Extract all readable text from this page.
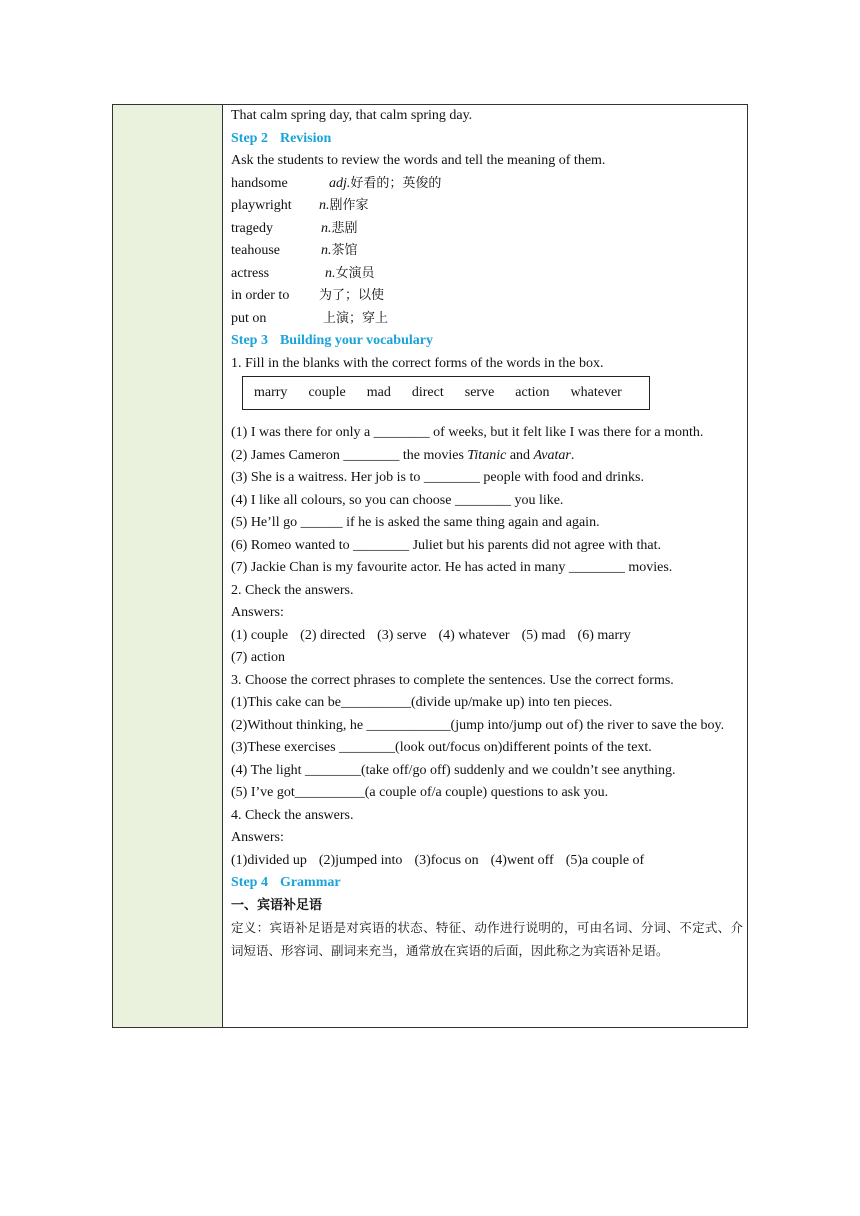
That calm spring day, that calm spring day.
Step 2 Revision
Ask the students to review the words and tell the meaning of them.
handsome	adj.好看的；英俊的
playwright n.剧作家
tragedy	n.悲剧
teahouse	n.茶馆
actress	n.女演员
in order to 为了；以使
put on	上演；穿上
Step 3 Building your vocabulary
1. Fill in the blanks with the correct forms of the words in the box.
marry couple mad direct serve action whatever
(1) I was there for only a ________ of weeks, but it felt like I was there for a month.
(2) James Cameron ________ the movies Titanic and Avatar.
(3) She is a waitress. Her job is to ________ people with food and drinks.
(4) I like all colours, so you can choose ________ you like.
(5) He’ll go ______ if he is asked the same thing again and again.
(6) Romeo wanted to ________ Juliet but his parents did not agree with that.
(7) Jackie Chan is my favourite actor. He has acted in many ________ movies.
2. Check the answers.
Answers:
(1) couple (2) directed (3) serve (4) whatever (5) mad (6) marry
(7) action
3. Choose the correct phrases to complete the sentences. Use the correct forms.
(1)This cake can be__________(divide up/make up) into ten pieces.
(2)Without thinking, he ____________(jump into/jump out of) the river to save the boy.
(3)These exercises ________(look out/focus on)different points of the text.
(4) The light ________(take off/go off) suddenly and we couldn’t see anything.
(5) I’ve got__________(a couple of/a couple) questions to ask you.
4. Check the answers.
Answers:
(1)divided up (2)jumped into (3)focus on (4)went off (5)a couple of
Step 4 Grammar
一、宾语补足语
定义：宾语补足语是对宾语的状态、特征、动作进行说明的，可由名词、分词、不定式、介词短语、形容词、副词来充当，通常放在宾语的后面，因此称之为宾语补足语。
